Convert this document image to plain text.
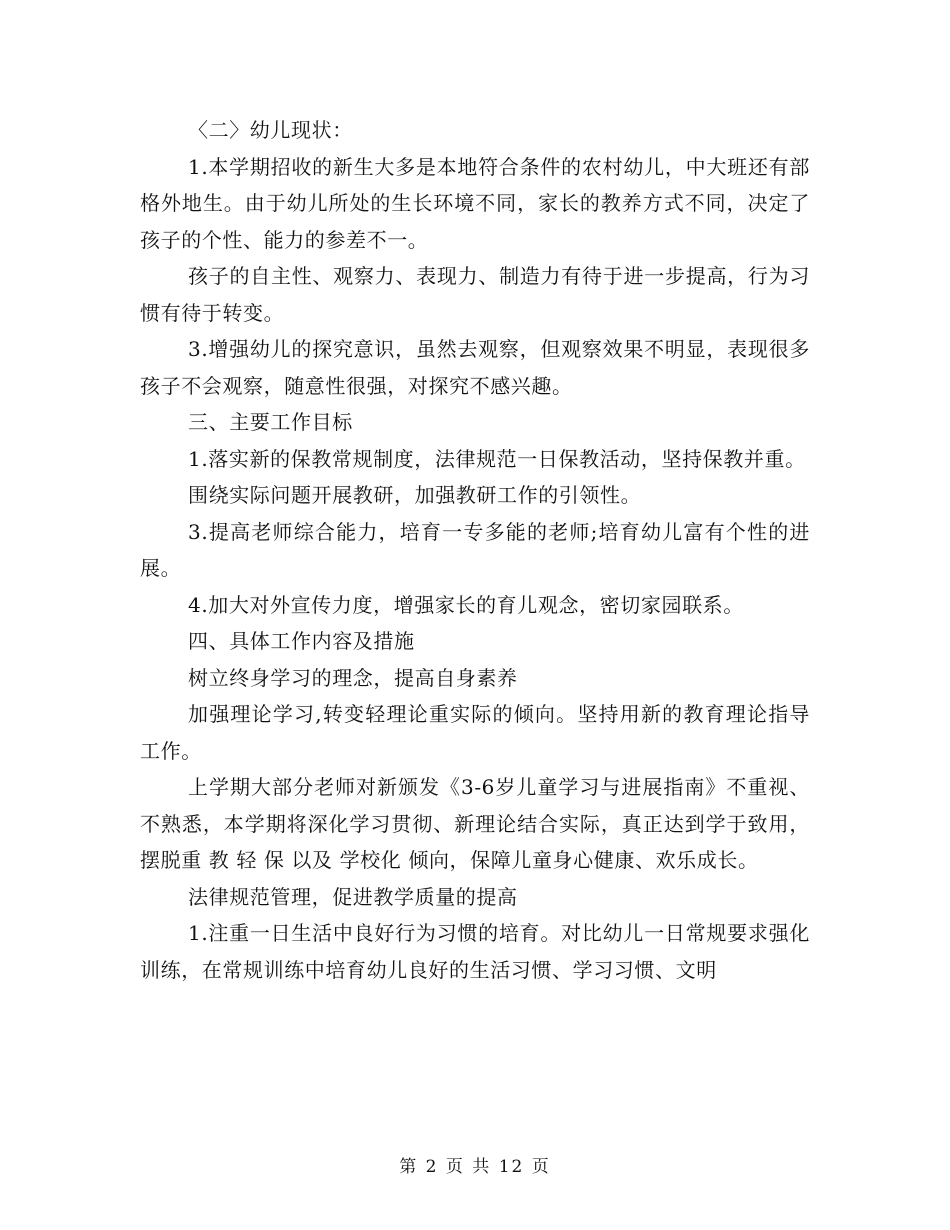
〈二〉幼儿现状：

1.本学期招收的新生大多是本地符合条件的农村幼儿，中大班还有部格外地生。由于幼儿所处的生长环境不同，家长的教养方式不同，决定了孩子的个性、能力的参差不一。

孩子的自主性、观察力、表现力、制造力有待于进一步提高，行为习惯有待于转变。

3.增强幼儿的探究意识，虽然去观察，但观察效果不明显，表现很多孩子不会观察，随意性很强，对探究不感兴趣。

三、主要工作目标

1.落实新的保教常规制度，法律规范一日保教活动，坚持保教并重。

围绕实际问题开展教研，加强教研工作的引领性。

3.提高老师综合能力，培育一专多能的老师;培育幼儿富有个性的进展。

4.加大对外宣传力度，增强家长的育儿观念，密切家园联系。

四、具体工作内容及措施

树立终身学习的理念，提高自身素养

加强理论学习,转变轻理论重实际的倾向。坚持用新的教育理论指导工作。

上学期大部分老师对新颁发《3-6岁儿童学习与进展指南》不重视、不熟悉，本学期将深化学习贯彻、新理论结合实际，真正达到学于致用，摆脱重 教 轻 保 以及 学校化 倾向，保障儿童身心健康、欢乐成长。

法律规范管理，促进教学质量的提高

1.注重一日生活中良好行为习惯的培育。对比幼儿一日常规要求强化训练，在常规训练中培育幼儿良好的生活习惯、学习习惯、文明

第 2 页 共 12 页
